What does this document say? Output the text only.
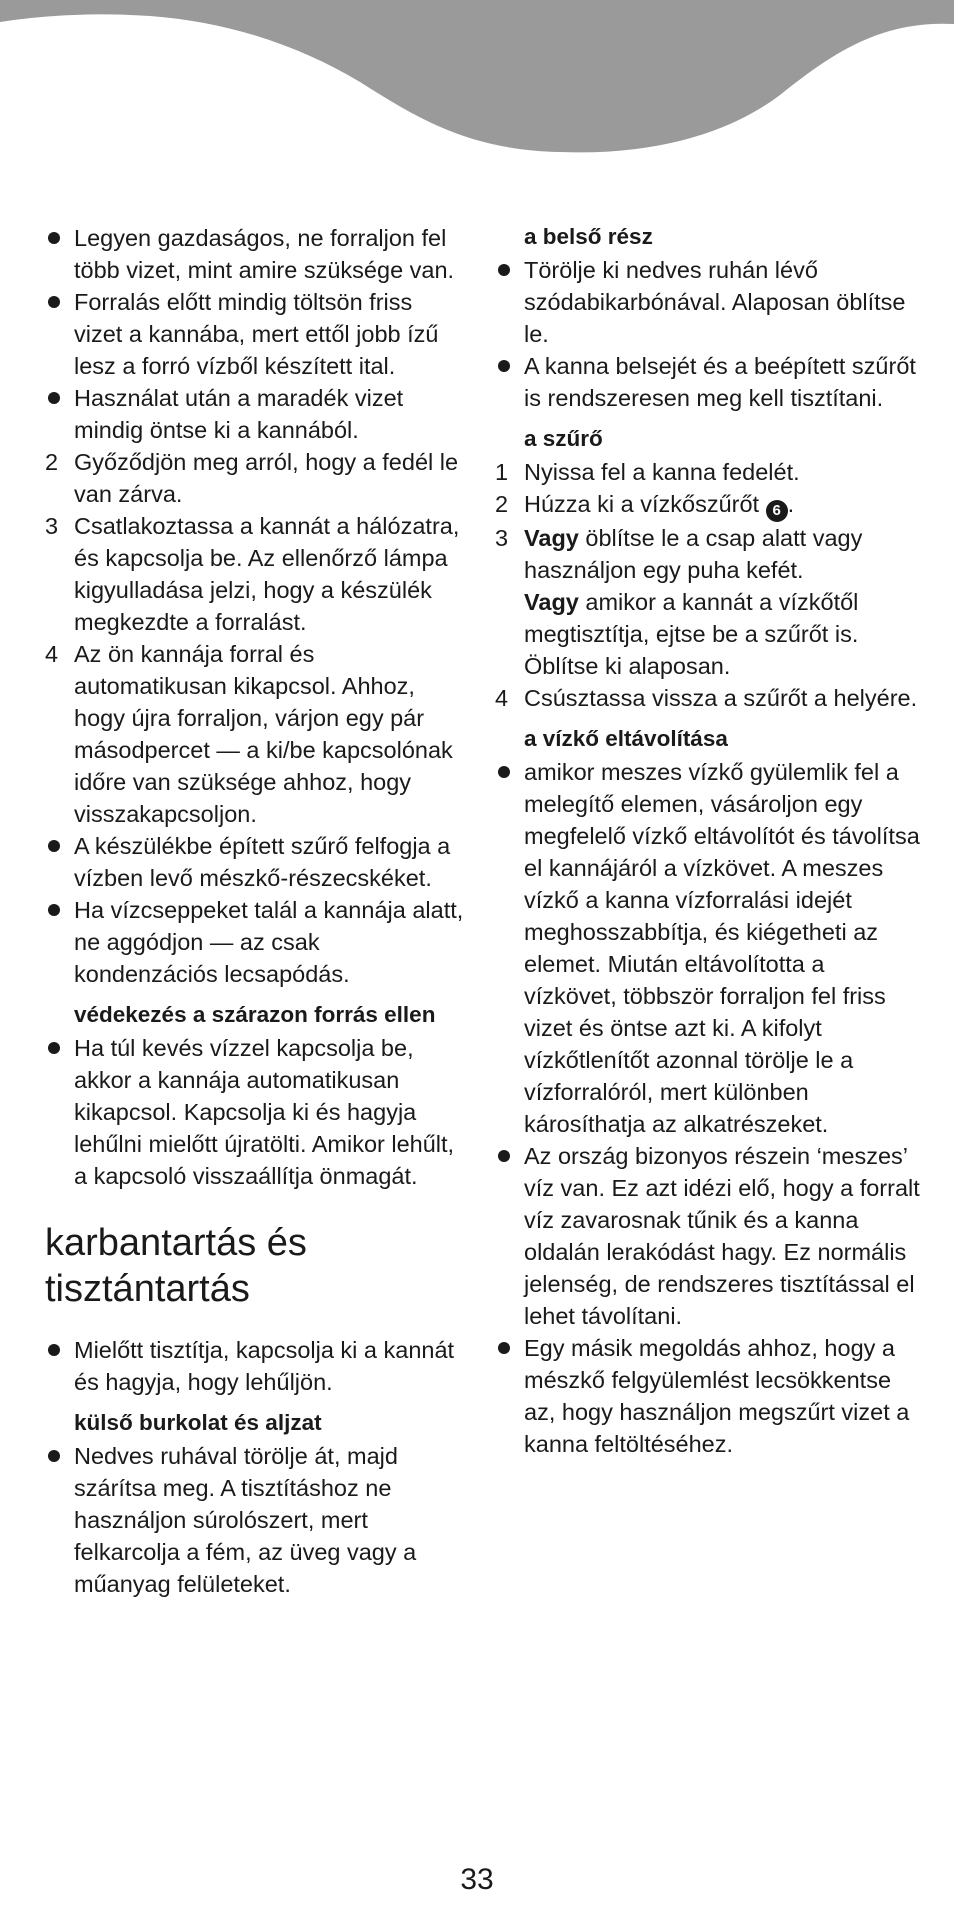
Legyen gazdaságos, ne forraljon fel több vizet, mint amire szüksége van.
Forralás előtt mindig töltsön friss vizet a kannába, mert ettől jobb ízű lesz a forró vízből készített ital.
Használat után a maradék vizet mindig öntse ki a kannából.
2 Győződjön meg arról, hogy a fedél le van zárva.
3 Csatlakoztassa a kannát a hálózatra, és kapcsolja be. Az ellenőrző lámpa kigyulladása jelzi, hogy a készülék megkezdte a forralást.
4 Az ön kannája forral és automatikusan kikapcsol. Ahhoz, hogy újra forraljon, várjon egy pár másodpercet — a ki/be kapcsolónak időre van szüksége ahhoz, hogy visszakapcsoljon.
A készülékbe épített szűrő felfogja a vízben levő mészkő-részecskéket.
Ha vízcseppeket talál a kannája alatt, ne aggódjon — az csak kondenzációs lecsapódás.
védekezés a szárazon forrás ellen
Ha túl kevés vízzel kapcsolja be, akkor a kannája automatikusan kikapcsol. Kapcsolja ki és hagyja lehűlni mielőtt újratölti. Amikor lehűlt, a kapcsoló visszaállítja önmagát.
karbantartás és tisztántartás
Mielőtt tisztítja, kapcsolja ki a kannát és hagyja, hogy lehűljön.
külső burkolat és aljzat
Nedves ruhával törölje át, majd szárítsa meg. A tisztításhoz ne használjon súrolószert, mert felkarcolja a fém, az üveg vagy a műanyag felületeket.
a belső rész
Törölje ki nedves ruhán lévő szódabikarbónával. Alaposan öblítse le.
A kanna belsejét és a beépített szűrőt is rendszeresen meg kell tisztítani.
a szűrő
1 Nyissa fel a kanna fedelét.
2 Húzza ki a vízkőszűrőt 6 .
3 Vagy öblítse le a csap alatt vagy használjon egy puha kefét.
Vagy amikor a kannát a vízkőtől megtisztítja, ejtse be a szűrőt is. Öblítse ki alaposan.
4 Csúsztassa vissza a szűrőt a helyére.
a vízkő eltávolítása
amikor meszes vízkő gyülemlik fel a melegítő elemen, vásároljon egy megfelelő vízkő eltávolítót és távolítsa el kannájáról a vízkövet. A meszes vízkő a kanna vízforralási idejét meghosszabbítja, és kiégetheti az elemet. Miután eltávolította a vízkövet, többször forraljon fel friss vizet és öntse azt ki. A kifolyt vízkőtlenítőt azonnal törölje le a vízforralóról, mert különben károsíthatja az alkatrészeket.
Az ország bizonyos részein ‘meszes’ víz van. Ez azt idézi elő, hogy a forralt víz zavarosnak tűnik és a kanna oldalán lerakódást hagy. Ez normális jelenség, de rendszeres tisztítással el lehet távolítani.
Egy másik megoldás ahhoz, hogy a mészkő felgyülemlést lecsökkentse az, hogy használjon megszűrt vizet a kanna feltöltéséhez.
33
